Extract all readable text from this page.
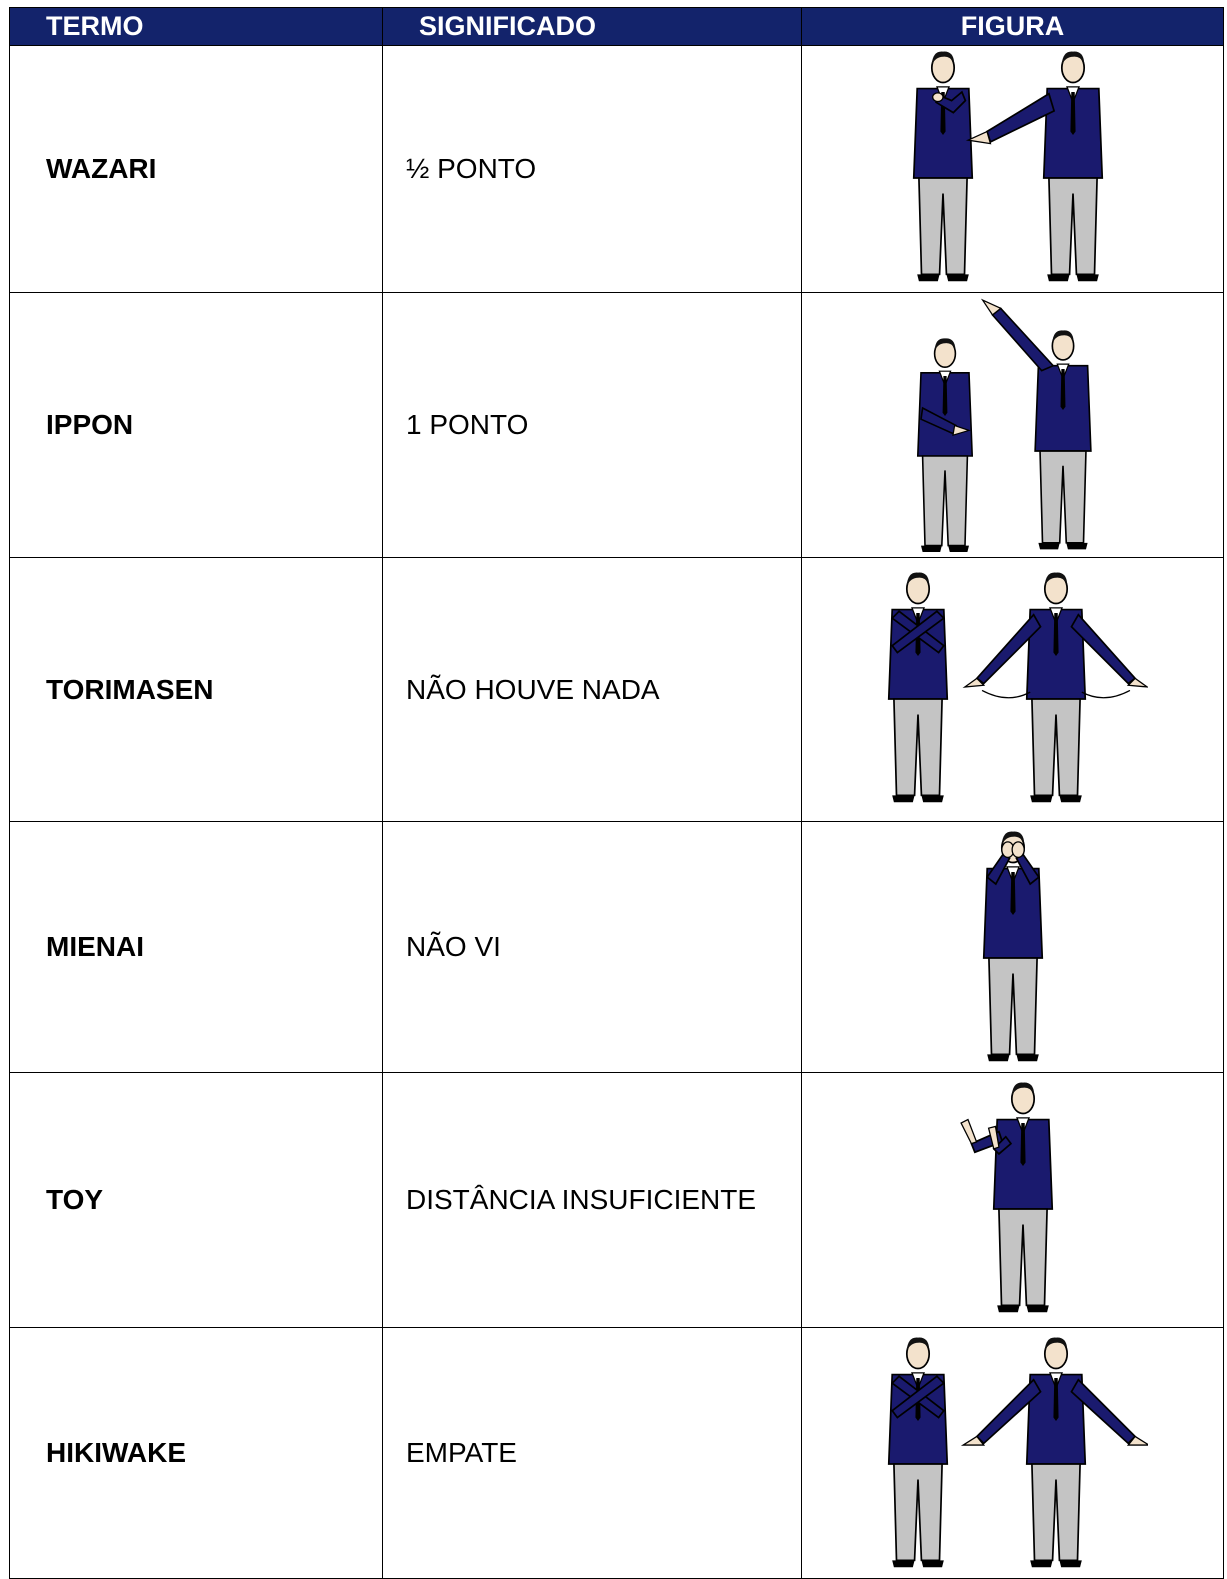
TERMO	SIGNIFICADO	FIGURA
WAZARI	½ PONTO	

IPPON	1 PONTO	

TORIMASEN	NÃO HOUVE NADA	

MIENAI	NÃO VI	

TOY	DISTÂNCIA INSUFICIENTE	

HIKIWAKE	EMPATE	
